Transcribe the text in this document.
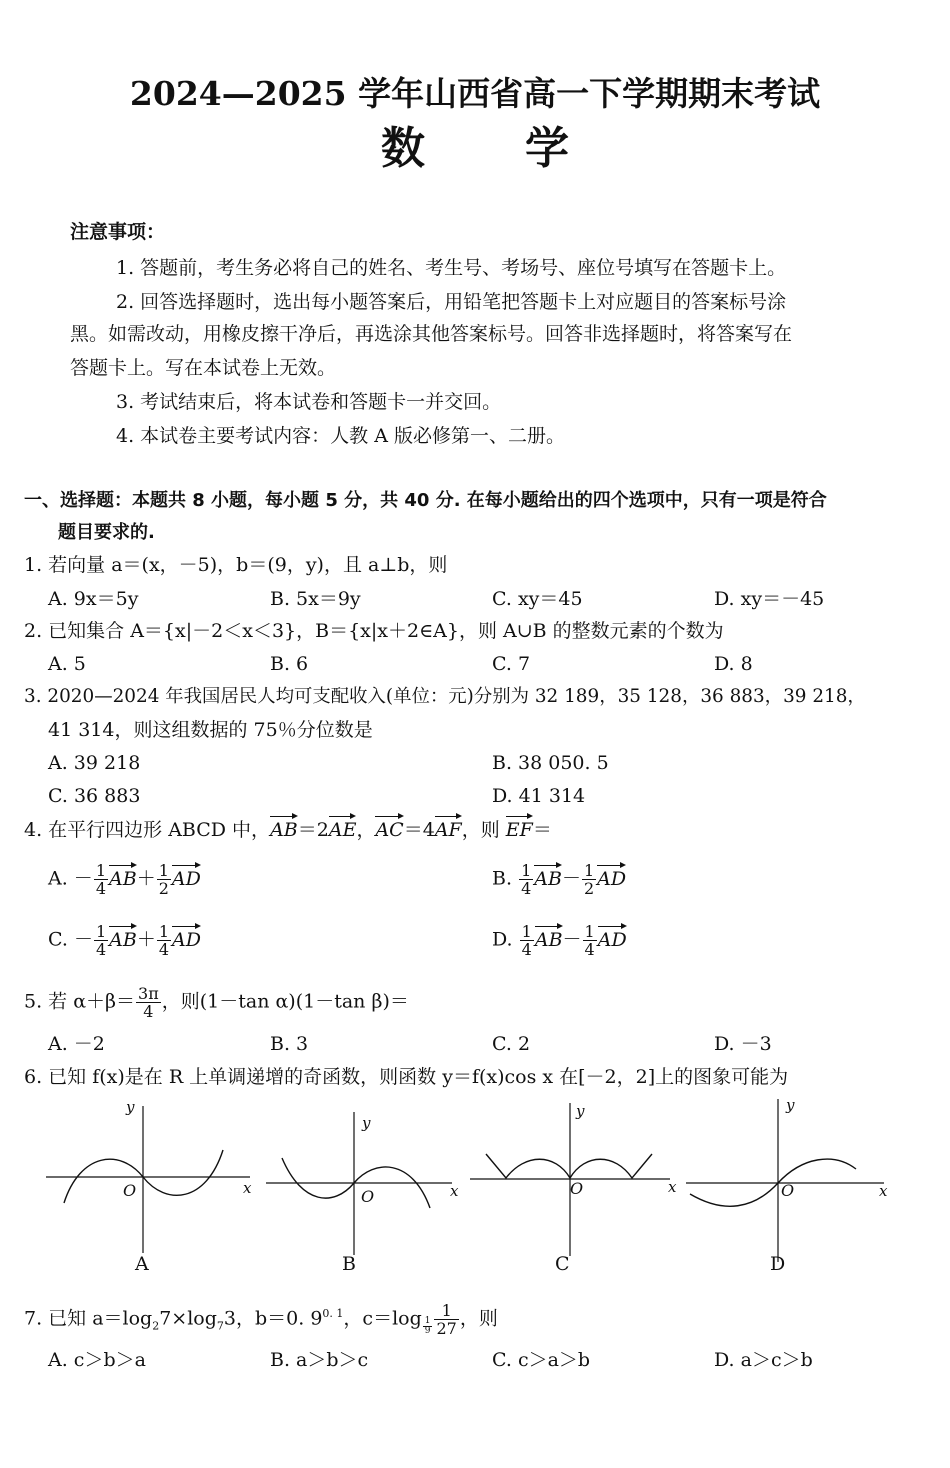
2024—2025 学年山西省高一下学期期末考试
数学
注意事项：
1. 答题前，考生务必将自己的姓名、考生号、考场号、座位号填写在答题卡上。
2. 回答选择题时，选出每小题答案后，用铅笔把答题卡上对应题目的答案标号涂
黑。如需改动，用橡皮擦干净后，再选涂其他答案标号。回答非选择题时，将答案写在
答题卡上。写在本试卷上无效。
3. 考试结束后，将本试卷和答题卡一并交回。
4. 本试卷主要考试内容：人教 A 版必修第一、二册。
一、选择题：本题共 8 小题，每小题 5 分，共 40 分. 在每小题给出的四个选项中，只有一项是符合
题目要求的.
1. 若向量 a＝(x，－5)，b＝(9，y)，且 a⊥b，则
A. 9x＝5y	B. 5x＝9y	C. xy＝45	D. xy＝－45
2. 已知集合 A＝{x|－2＜x＜3}，B＝{x|x＋2∈A}，则 A∪B 的整数元素的个数为
A. 5	B. 6	C. 7	D. 8
3. 2020—2024 年我国居民人均可支配收入(单位：元)分别为 32 189，35 128，36 883，39 218，
41 314，则这组数据的 75％分位数是
A. 39 218	B. 38 050. 5
C. 36 883	D. 41 314
4. 在平行四边形 ABCD 中，AB＝2AE，AC＝4AF，则 EF＝
A. － $\frac{1}{4} AB+ \frac{1}{2}$ AD	B. $\frac{1}{4} AB- \frac{1}{2}$ AD
C. － $\frac{1}{4} AB+ \frac{1}{4}$ AD	D. $\frac{1}{4} AB- \frac{1}{4}$ AD
5. 若 $\alpha+\beta= \frac{3\pi}{4}$ ，则(1－tan α)(1－tan β)＝
A. －2	B. 3	C. 2	D. －3
6. 已知 f(x)是在 R 上单调递增的奇函数，则函数 y＝f(x)cos x 在[－2，2]上的图象可能为
y
O	x
A
y
O	x
B
y
O	x
C
y
O	x
D
7. 已知 $a=\log_27\times\log_73$，b＝0. $9^{0. 1}$，c＝log $_{\frac{1}{9}} \frac{1}{27}$ ，则
A. c＞b＞a	B. a＞b＞c	C. c＞a＞b	D. a＞c＞b
